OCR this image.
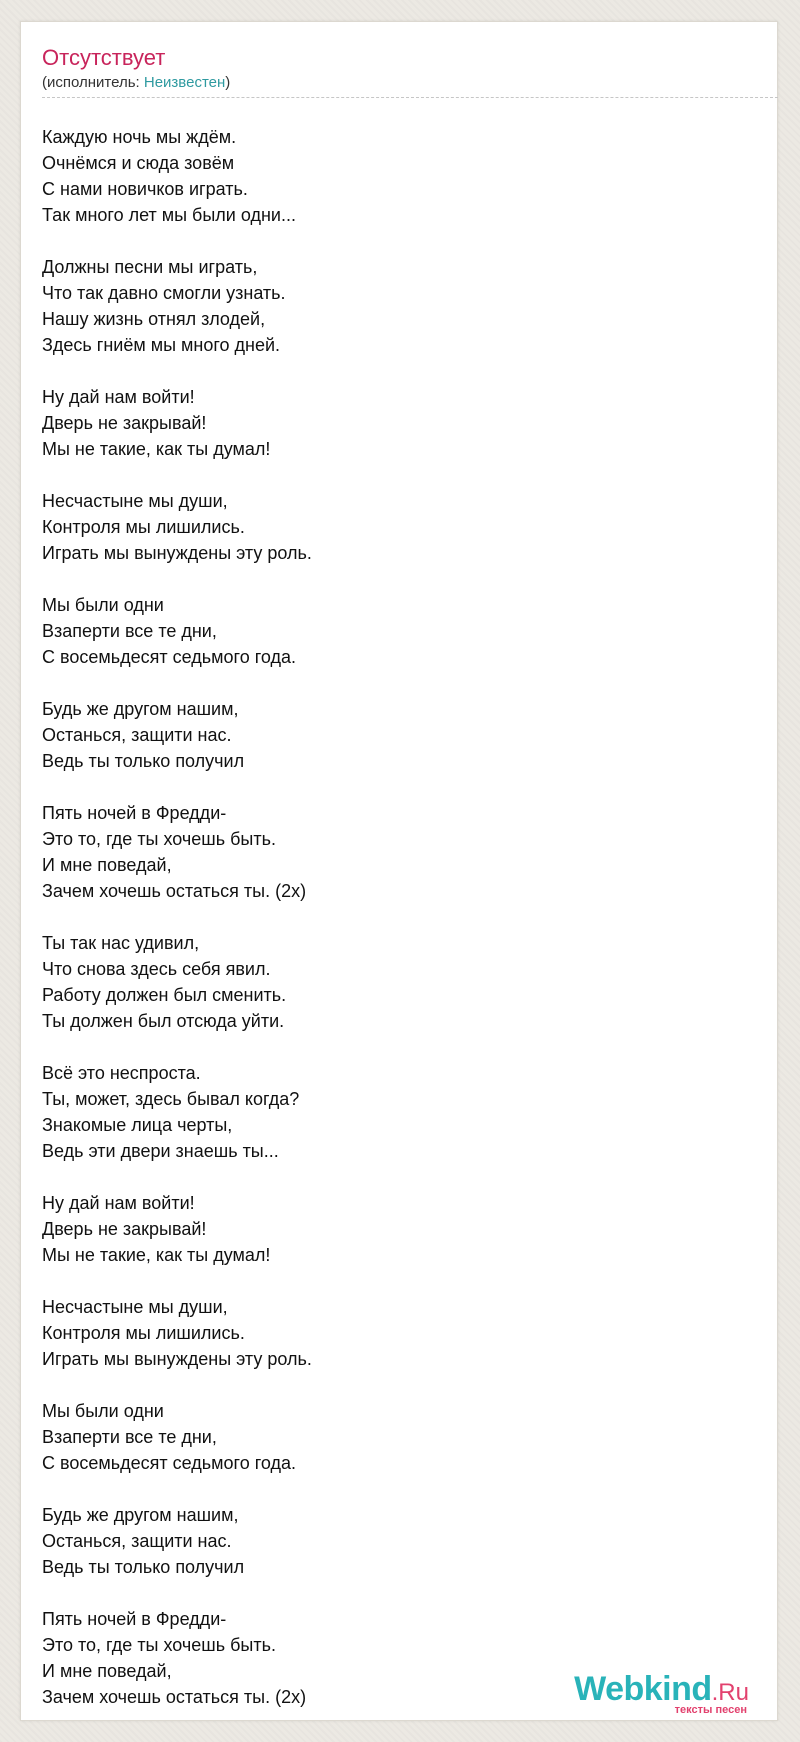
Отсутствует
(исполнитель: Неизвестен)
Каждую ночь мы ждём.
Очнёмся и сюда зовём
С нами новичков играть.
Так много лет мы были одни...
Должны песни мы играть,
Что так давно смогли узнать.
Нашу жизнь отнял злодей,
Здесь гниём мы много дней.
Ну дай нам войти!
Дверь не закрывай!
Мы не такие, как ты думал!
Несчастыне мы души,
Контроля мы лишились.
Играть мы вынуждены эту роль.
Мы были одни
Взаперти все те дни,
С восемьдесят седьмого года.
Будь же другом нашим,
Останься, защити нас.
Ведь ты только получил
Пять ночей в Фредди-
Это то, где ты хочешь быть.
И мне поведай,
Зачем хочешь остаться ты. (2х)
Ты так нас удивил,
Что снова здесь себя явил.
Работу должен был сменить.
Ты должен был отсюда уйти.
Всё это неспроста.
Ты, может, здесь бывал когда?
Знакомые лица черты,
Ведь эти двери знаешь ты...
Ну дай нам войти!
Дверь не закрывай!
Мы не такие, как ты думал!
Несчастыне мы души,
Контроля мы лишились.
Играть мы вынуждены эту роль.
Мы были одни
Взаперти все те дни,
С восемьдесят седьмого года.
Будь же другом нашим,
Останься, защити нас.
Ведь ты только получил
Пять ночей в Фредди-
Это то, где ты хочешь быть.
И мне поведай,
Зачем хочешь остаться ты. (2х)	Webkind.Ru
тексты песен
